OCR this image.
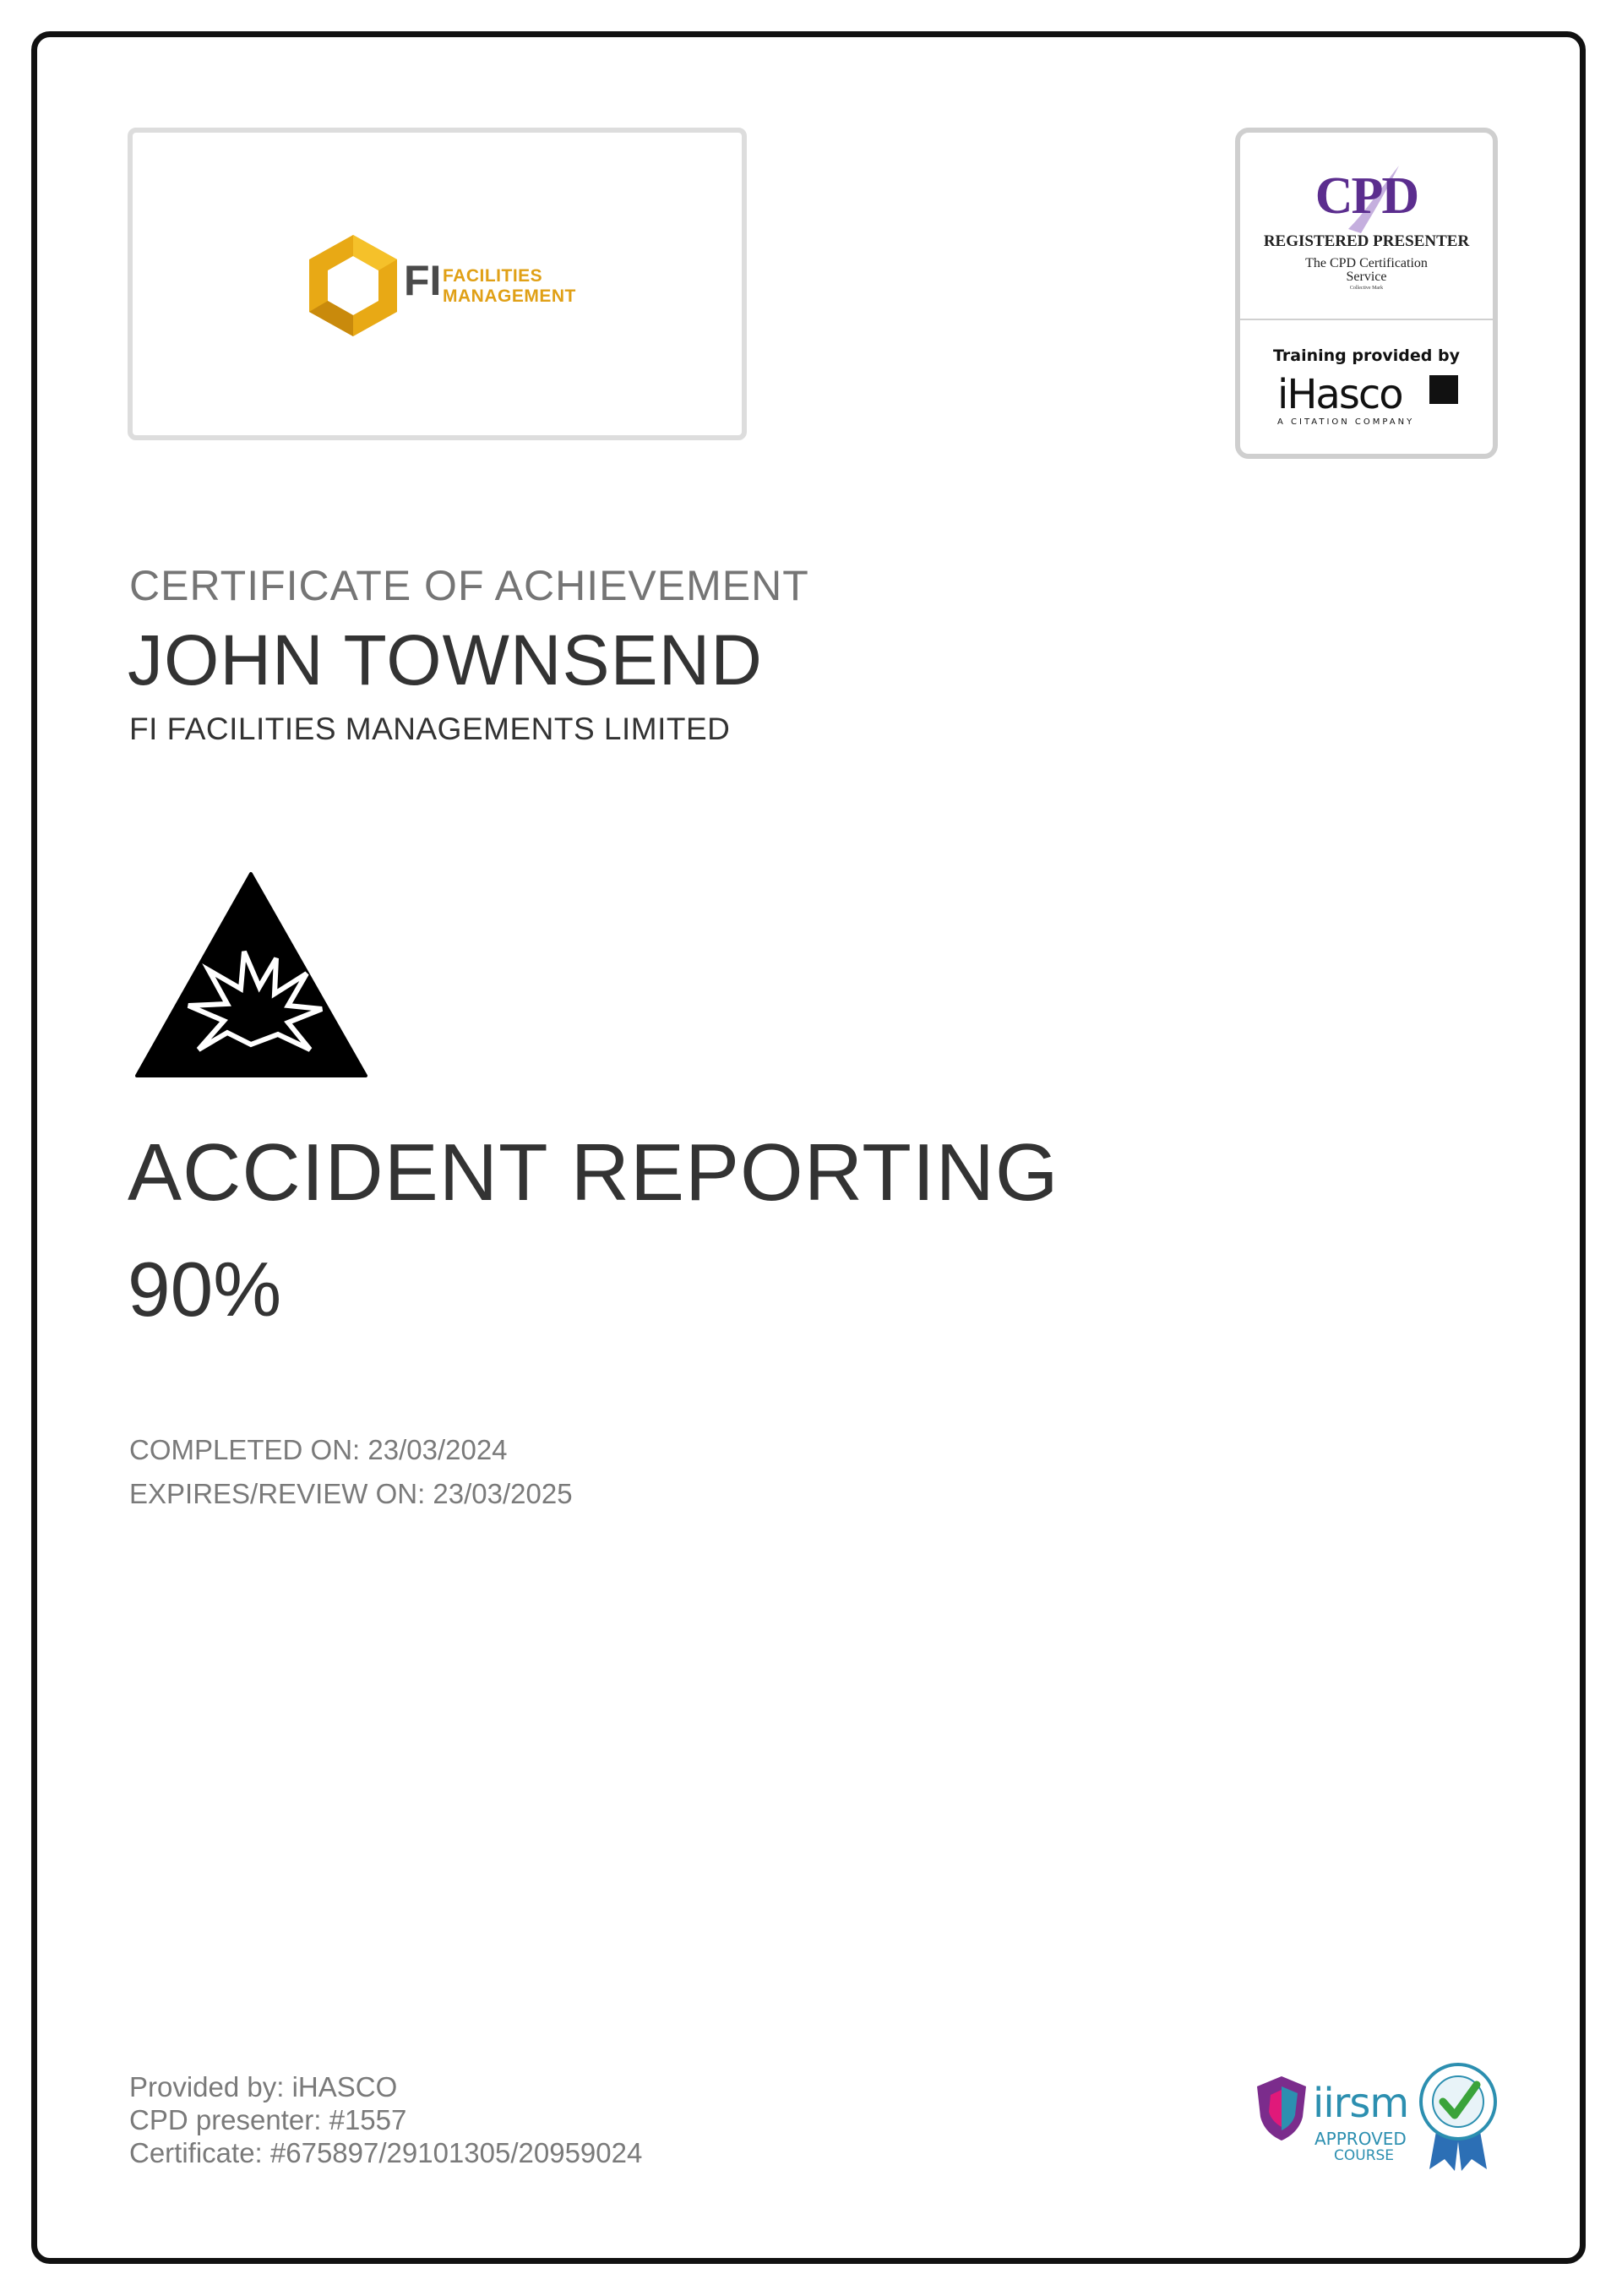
FI FACILITIES
MANAGEMENT
CPD
REGISTERED PRESENTER
The CPD Certification
Service
Collective Mark
Training provided by
iHasco
A CITATION COMPANY
CERTIFICATE OF ACHIEVEMENT
JOHN TOWNSEND
FI FACILITIES MANAGEMENTS LIMITED
ACCIDENT REPORTING
90%
COMPLETED ON: 23/03/2024
EXPIRES/REVIEW ON: 23/03/2025
Provided by: iHASCO
CPD presenter: #1557
Certificate: #675897/29101305/20959024
iirsm
APPROVED
COURSE
